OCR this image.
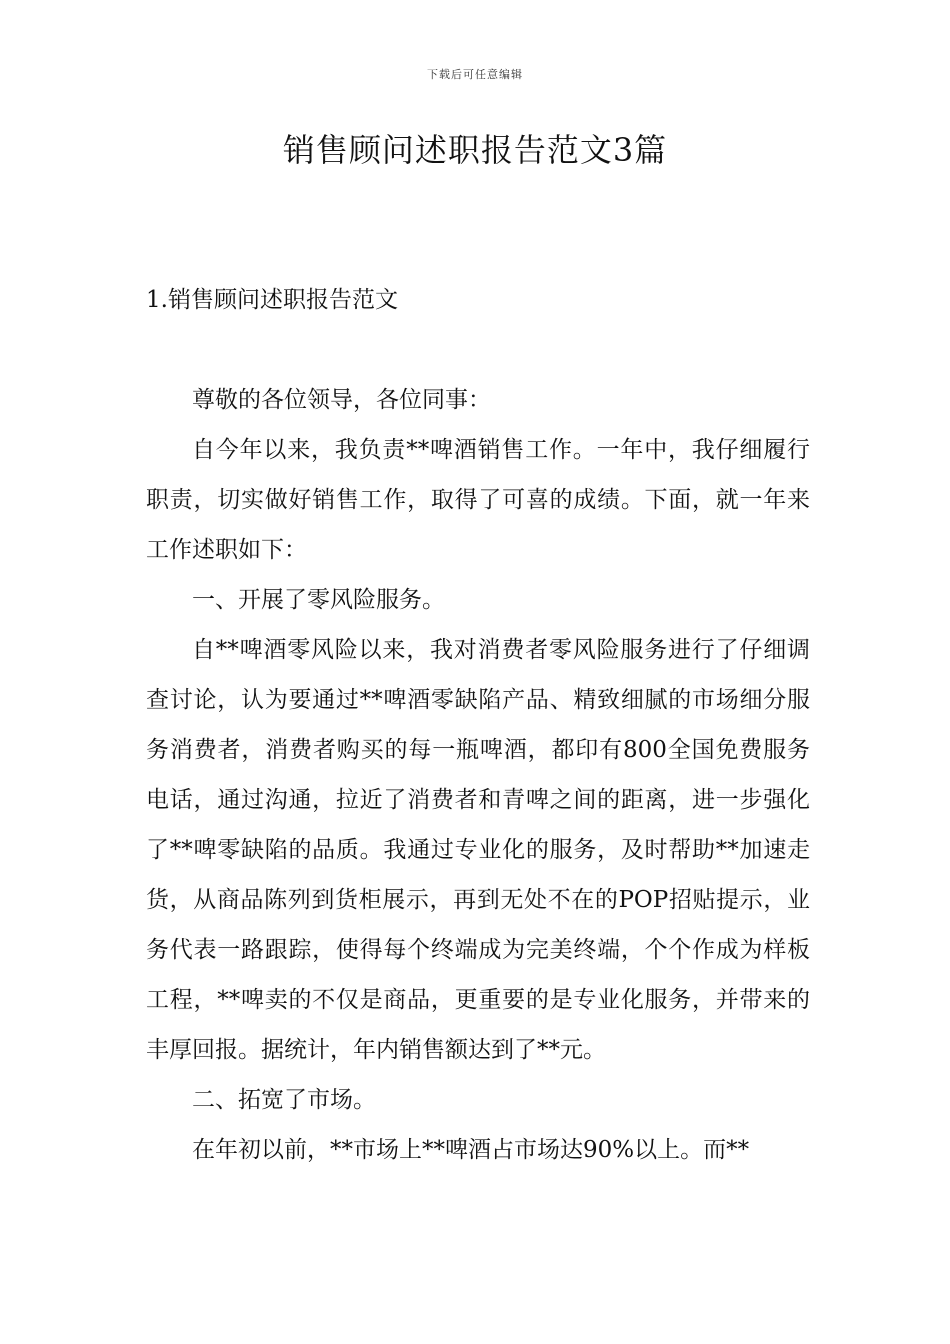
下载后可任意编辑
销售顾问述职报告范文3篇
1.销售顾问述职报告范文

尊敬的各位领导，各位同事：

自今年以来，我负责**啤酒销售工作。一年中，我仔细履行职责，切实做好销售工作，取得了可喜的成绩。下面，就一年来工作述职如下：

一、开展了零风险服务。

自**啤酒零风险以来，我对消费者零风险服务进行了仔细调查讨论，认为要通过**啤酒零缺陷产品、精致细腻的市场细分服务消费者，消费者购买的每一瓶啤酒，都印有800全国免费服务电话，通过沟通，拉近了消费者和青啤之间的距离，进一步强化了**啤零缺陷的品质。我通过专业化的服务，及时帮助**加速走货，从商品陈列到货柜展示，再到无处不在的POP招贴提示，业务代表一路跟踪，使得每个终端成为完美终端，个个作成为样板工程，**啤卖的不仅是商品，更重要的是专业化服务，并带来的丰厚回报。据统计，年内销售额达到了**元。

二、拓宽了市场。

在年初以前，**市场上**啤酒占市场达90%以上。而**
